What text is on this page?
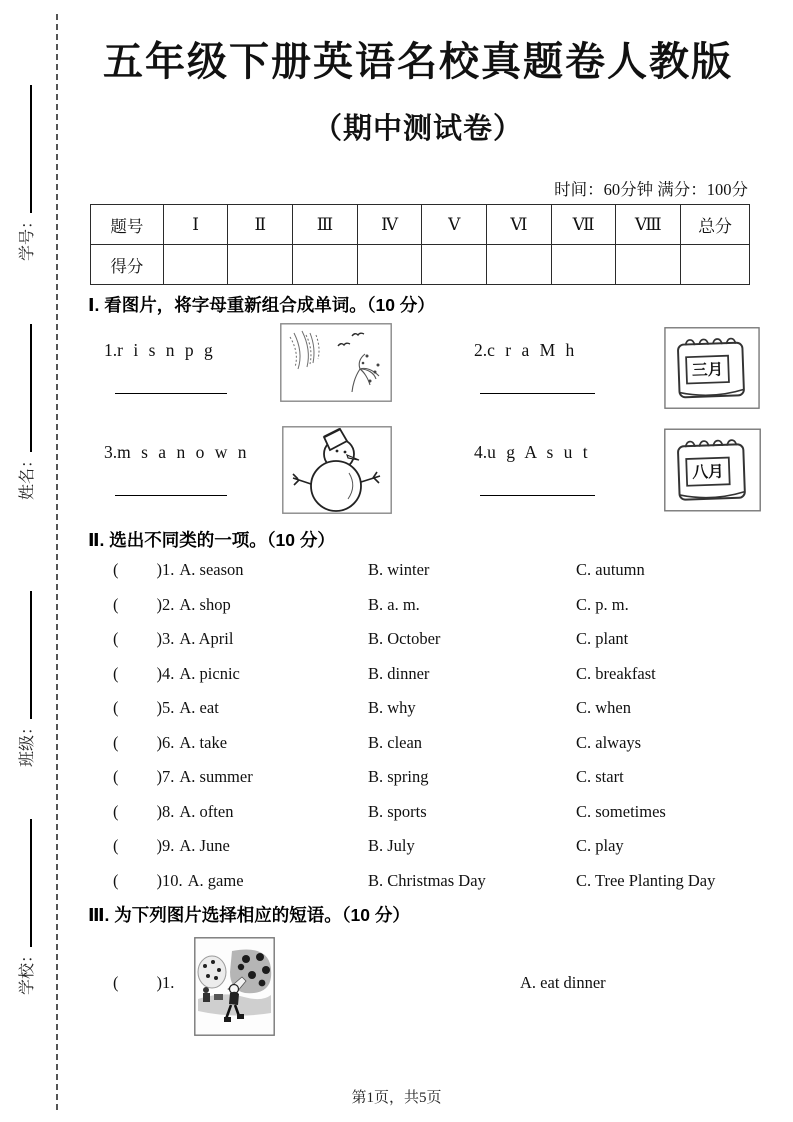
学号：
姓名：
班级：
学校：
五年级下册英语名校真题卷人教版
（期中测试卷）
时间：60分钟 满分：100分
题号	Ⅰ	Ⅱ	Ⅲ	Ⅳ	Ⅴ	Ⅵ	Ⅶ	Ⅷ	总分
得分									
Ⅰ. 看图片，将字母重新组合成单词。（10 分）
1.r i s n p g	2.c r a M h
三月
3.m s a n o w n	4.u g A s u t
八月
Ⅱ. 选出不同类的一项。（10 分）
( )1. A. season	B. winter	C. autumn
( )2. A. shop	B. a. m.	C. p. m.
( )3. A. April	B. October	C. plant
( )4. A. picnic	B. dinner	C. breakfast
( )5. A. eat	B. why	C. when
( )6. A. take	B. clean	C. always
( )7. A. summer	B. spring	C. start
( )8. A. often	B. sports	C. sometimes
( )9. A. June	B. July	C. play
( )10. A. game	B. Christmas Day	C. Tree Planting Day
Ⅲ. 为下列图片选择相应的短语。（10 分）
( )1.	A. eat dinner
第1页，共5页
